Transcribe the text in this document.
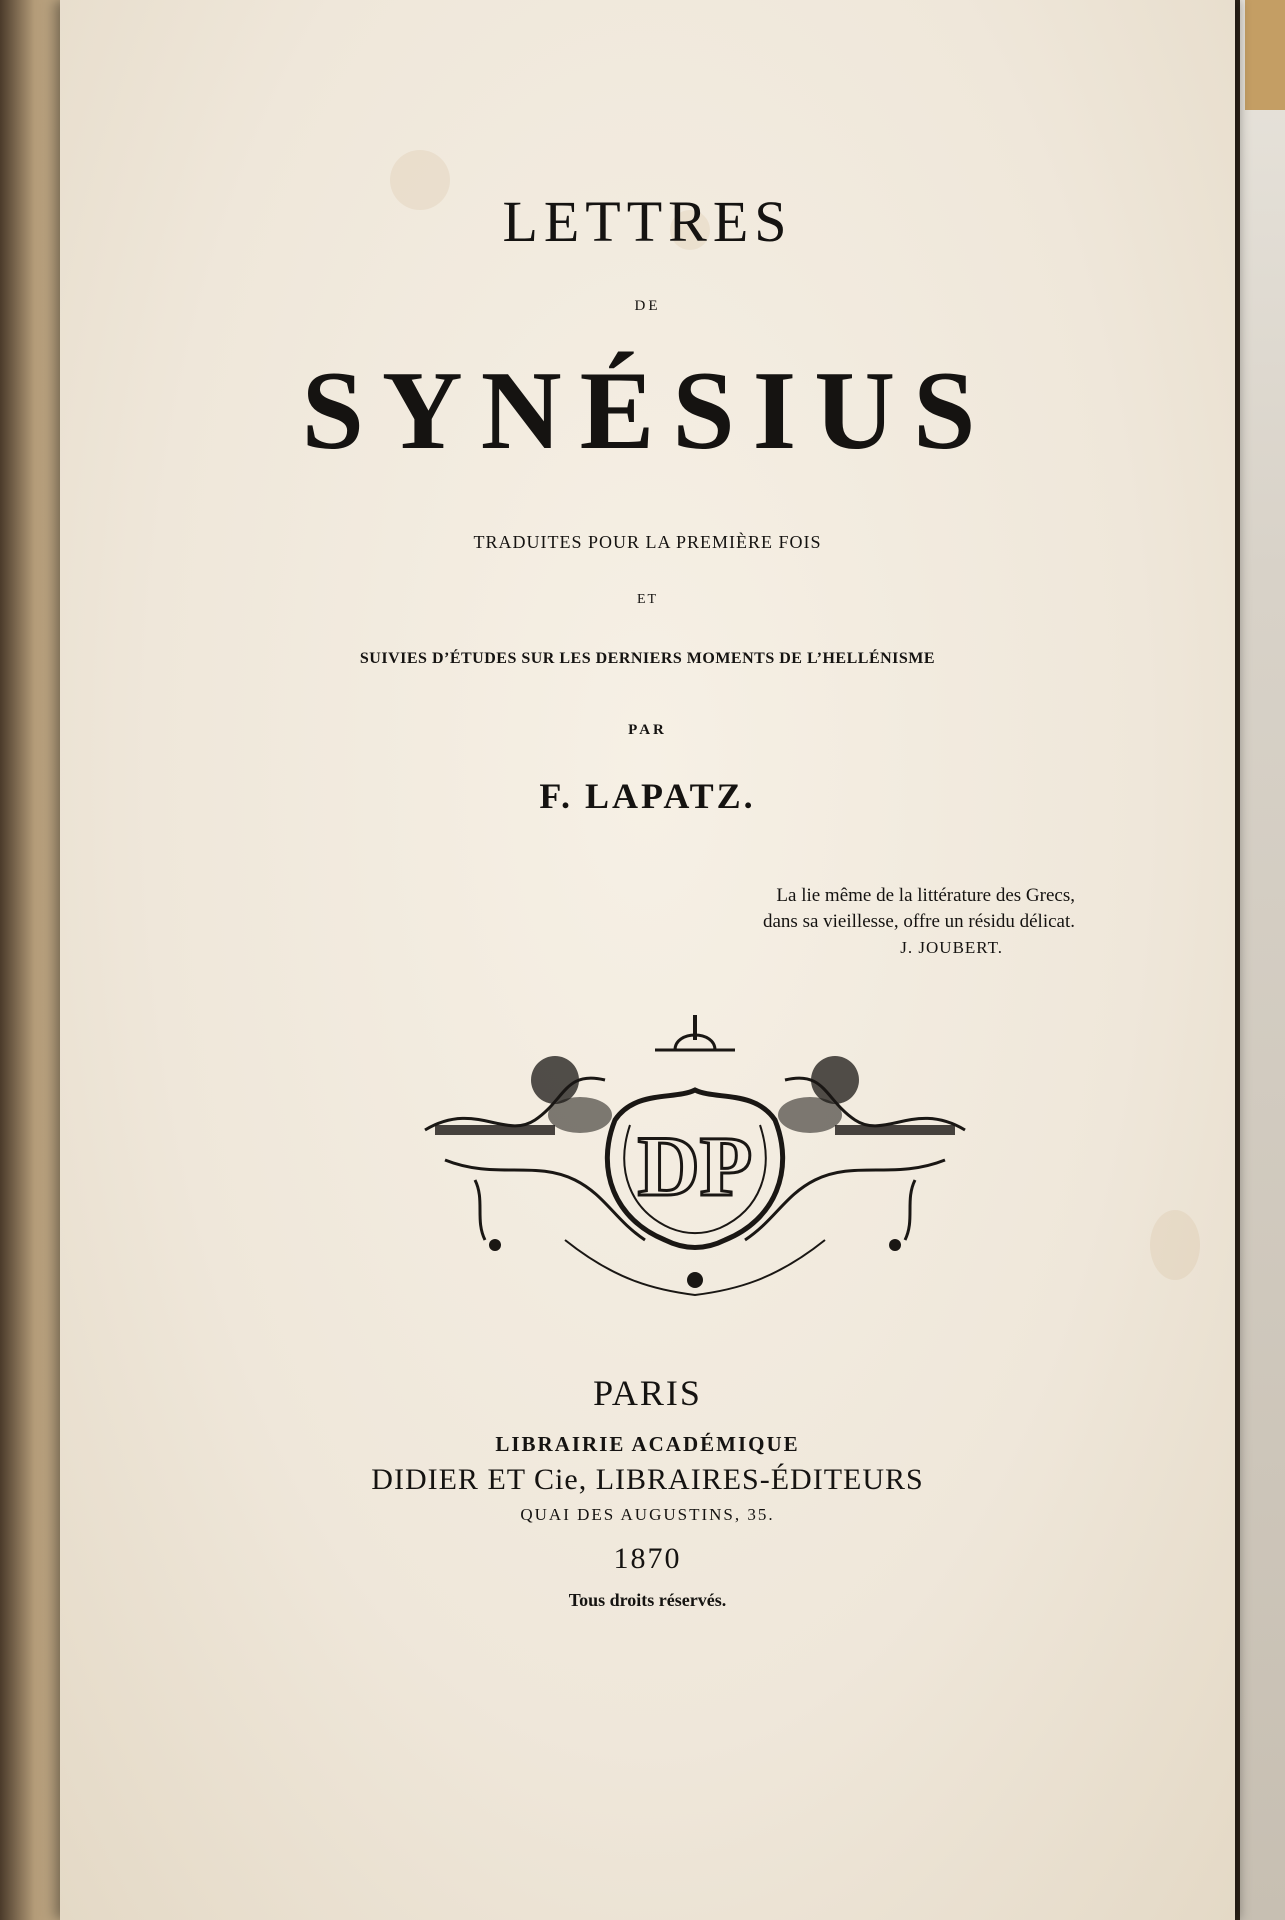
LETTRES
DE
SYNÉSIUS
TRADUITES POUR LA PREMIÈRE FOIS
ET
SUIVIES D’ÉTUDES SUR LES DERNIERS MOMENTS DE L’HELLÉNISME
PAR
F. LAPATZ.
La lie même de la littérature des Grecs,
dans sa vieillesse, offre un résidu délicat.
J. JOUBERT.
DP
PARIS
LIBRAIRIE ACADÉMIQUE
DIDIER ET Cie, LIBRAIRES-ÉDITEURS
QUAI DES AUGUSTINS, 35.
1870
Tous droits réservés.
